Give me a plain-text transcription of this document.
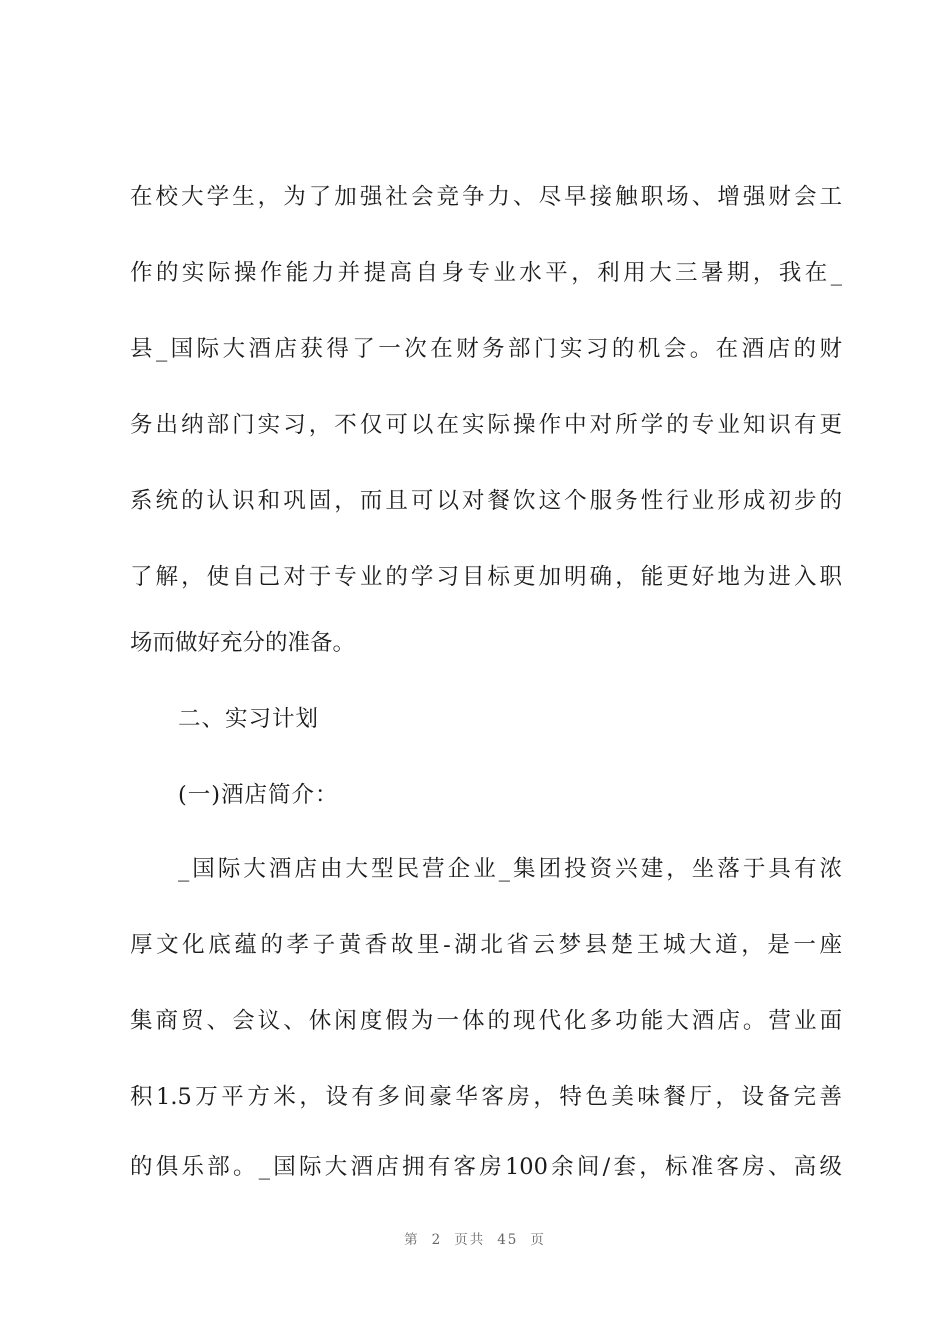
在校大学生，为了加强社会竞争力、尽早接触职场、增强财会工
作的实际操作能力并提高自身专业水平，利用大三暑期，我在_
县_国际大酒店获得了一次在财务部门实习的机会。在酒店的财
务出纳部门实习，不仅可以在实际操作中对所学的专业知识有更
系统的认识和巩固，而且可以对餐饮这个服务性行业形成初步的
了解，使自己对于专业的学习目标更加明确，能更好地为进入职
场而做好充分的准备。
二、实习计划
(一)酒店简介：
_国际大酒店由大型民营企业_集团投资兴建，坐落于具有浓
厚文化底蕴的孝子黄香故里-湖北省云梦县楚王城大道，是一座
集商贸、会议、休闲度假为一体的现代化多功能大酒店。营业面
积1.5万平方米，设有多间豪华客房，特色美味餐厅，设备完善
的俱乐部。_国际大酒店拥有客房100余间/套，标准客房、高级
第 2 页共 45 页
